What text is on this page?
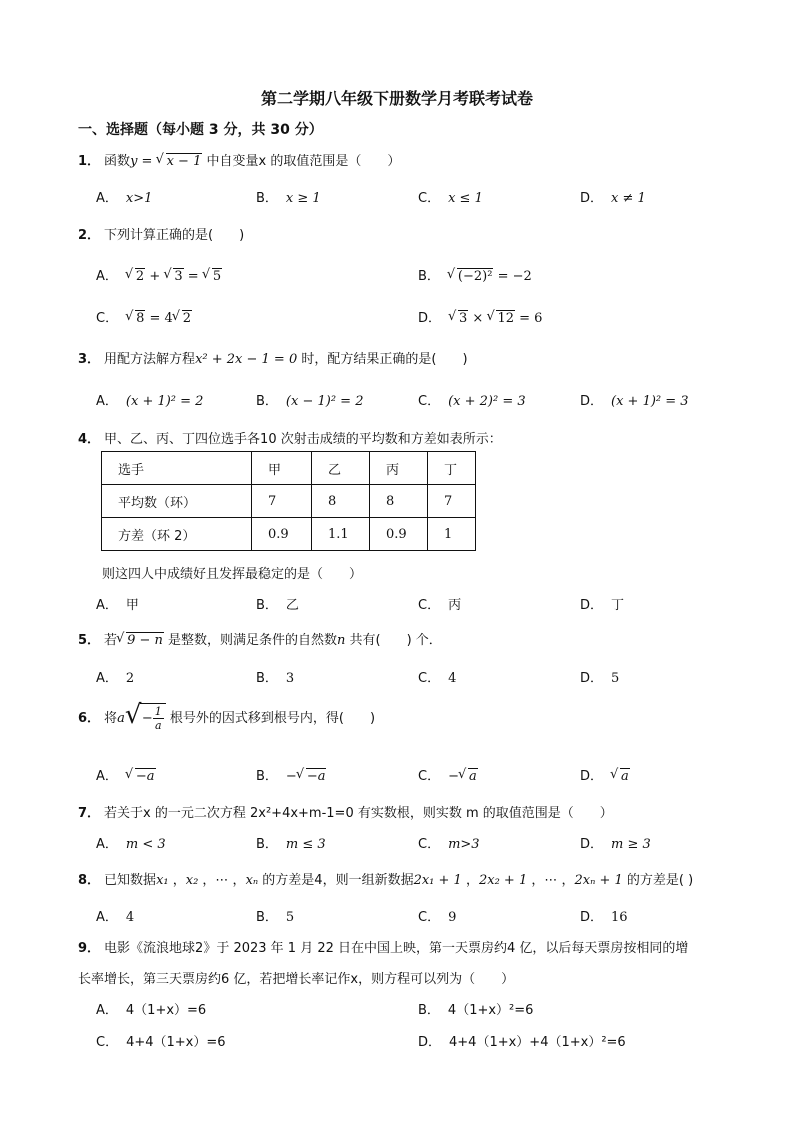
第二学期八年级下册数学月考联考试卷
一、选择题（每小题 3 分，共 30 分）
1． 函数y = √ x − 1 中自变量x 的取值范围是（　　）
A． x>1	B． x ≥ 1	C． x ≤ 1	D． x ≠ 1
2． 下列计算正确的是(　　)
A． √ 2 + √ 3 = √ 5	B． √ (−2)² = −2
C． √ 8 = 4 √ 2	D． √ 3 × √ 12 = 6
3． 用配方法解方程x² + 2x − 1 = 0 时，配方结果正确的是(　　)
A． (x + 1)² = 2	B． (x − 1)² = 2	C． (x + 2)² = 3	D． (x + 1)² = 3
4． 甲、乙、丙、丁四位选手各10 次射击成绩的平均数和方差如表所示：
选手	甲	乙	丙	丁
平均数（环）	7	8	8	7
方差（环 2）	0.9	1.1	0.9	1
则这四人中成绩好且发挥最稳定的是（　　）
A． 甲	B． 乙	C． 丙	D． 丁
5． 若 √ 9 − n 是整数，则满足条件的自然数n 共有(　　) 个．
A． 2	B． 3	C． 4	D． 5
6． 将a √ − $\frac{1}{a}$ 根号外的因式移到根号内，得(　　)
A． √ −a	B． − √ −a	C． − √ a	D． √ a
7． 若关于x 的一元二次方程 2x²+4x+m-1=0 有实数根，则实数 m 的取值范围是（　　）
A． m < 3	B． m ≤ 3	C． m>3	D． m ≥ 3
8． 已知数据x₁ ，x₂ ，⋯ ，xₙ 的方差是4，则一组新数据2x₁ + 1 ，2x₂ + 1 ，⋯ ，2xₙ + 1 的方差是( )
A． 4	B． 5	C． 9	D． 16
9． 电影《流浪地球2》于 2023 年 1 月 22 日在中国上映，第一天票房约4 亿，以后每天票房按相同的增
长率增长，第三天票房约6 亿，若把增长率记作x，则方程可以列为（　　）
A． 4（1+x）=6	B． 4（1+x）²=6
C． 4+4（1+x）=6	D． 4+4（1+x）+4（1+x）²=6
